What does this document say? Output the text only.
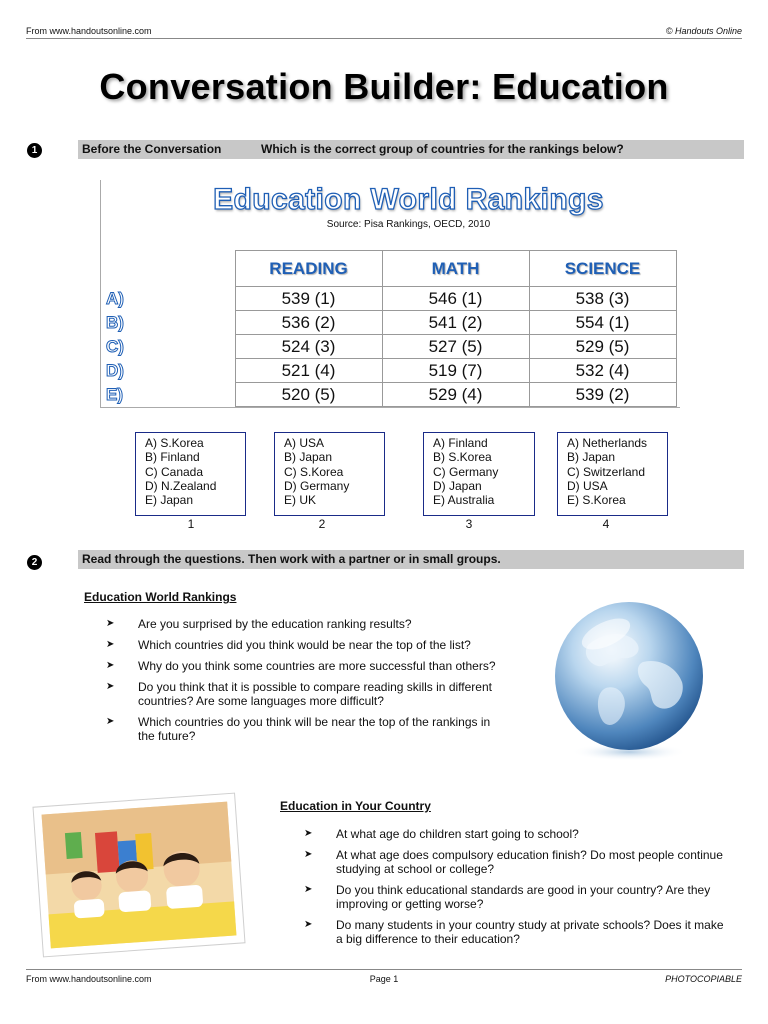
From www.handoutsonline.com	© Handouts Online
Conversation Builder: Education
1	Before the Conversation	Which is the correct group of countries for the rankings below?
Education World Rankings
Source: Pisa Rankings, OECD, 2010
	READING	MATH	SCIENCE
A)	539 (1)	546 (1)	538 (3)
B)	536 (2)	541 (2)	554 (1)
C)	524 (3)	527 (5)	529 (5)
D)	521 (4)	519 (7)	532 (4)
E)	520 (5)	529 (4)	539 (2)
A) S.Korea
B) Finland
C) Canada
D) N.Zealand
E) Japan
1
A) USA
B) Japan
C) S.Korea
D) Germany
E) UK
2
A) Finland
B) S.Korea
C) Germany
D) Japan
E) Australia
3
A) Netherlands
B) Japan
C) Switzerland
D) USA
E) S.Korea
4
2	Read through the questions. Then work with a partner or in small groups.
Education World Rankings
➤ Are you surprised by the education ranking results?
➤ Which countries did you think would be near the top of the list?
➤ Why do you think some countries are more successful than others?
➤ Do you think that it is possible to compare reading skills in different countries? Are some languages more difficult?
➤ Which countries do you think will be near the top of the rankings in the future?
Education in Your Country
➤ At what age do children start going to school?
➤ At what age does compulsory education finish? Do most people continue studying at school or college?
➤ Do you think educational standards are good in your country? Are they improving or getting worse?
➤ Do many students in your country study at private schools? Does it make a big difference to their education?
From www.handoutsonline.com	Page 1	PHOTOCOPIABLE
